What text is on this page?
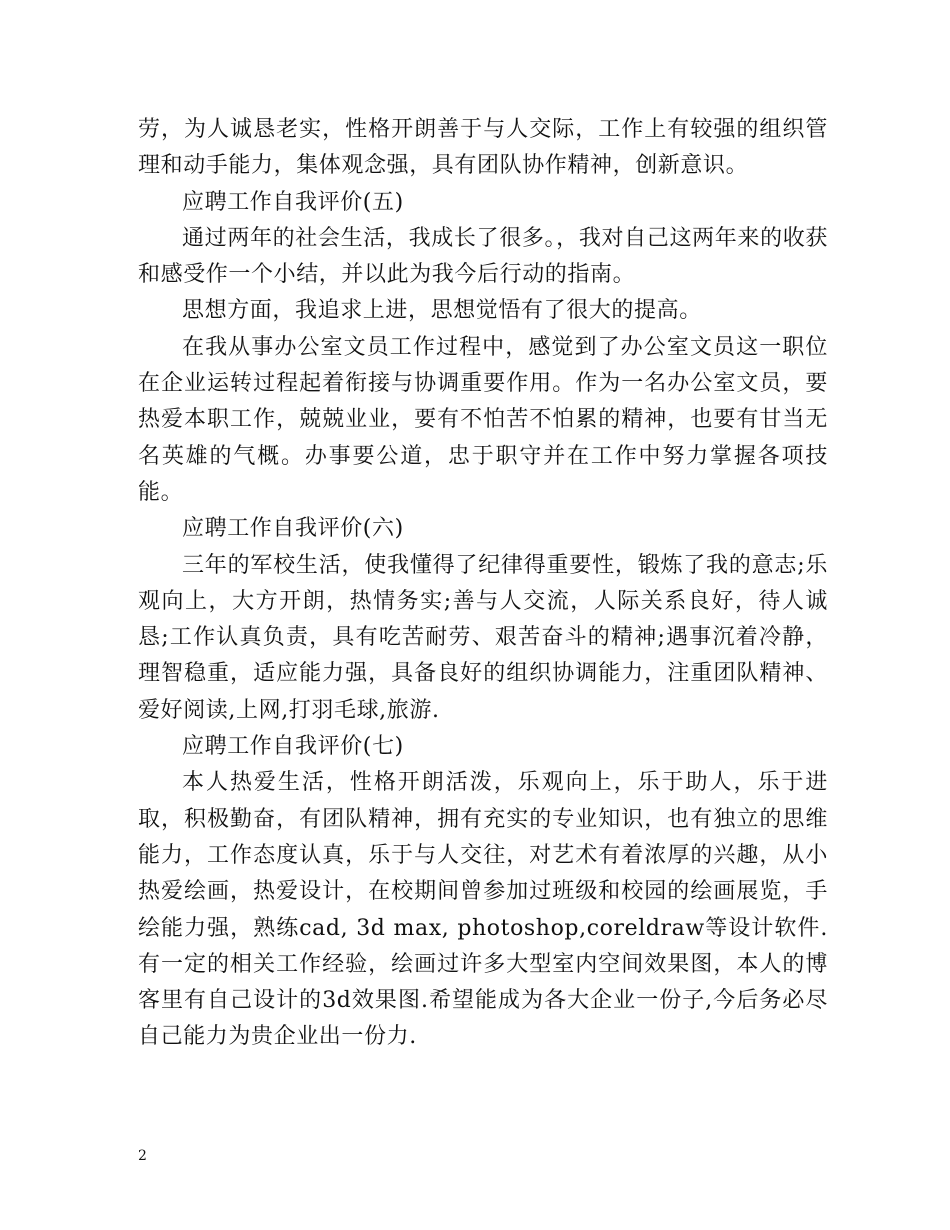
劳，为人诚恳老实，性格开朗善于与人交际，工作上有较强的组织管理和动手能力，集体观念强，具有团队协作精神，创新意识。

应聘工作自我评价(五)

通过两年的社会生活，我成长了很多。，我对自己这两年来的收获和感受作一个小结，并以此为我今后行动的指南。

思想方面，我追求上进，思想觉悟有了很大的提高。

在我从事办公室文员工作过程中，感觉到了办公室文员这一职位在企业运转过程起着衔接与协调重要作用。作为一名办公室文员，要热爱本职工作，兢兢业业，要有不怕苦不怕累的精神，也要有甘当无名英雄的气概。办事要公道，忠于职守并在工作中努力掌握各项技能。

应聘工作自我评价(六)

三年的军校生活，使我懂得了纪律得重要性，锻炼了我的意志;乐观向上，大方开朗，热情务实;善与人交流，人际关系良好，待人诚恳;工作认真负责，具有吃苦耐劳、艰苦奋斗的精神;遇事沉着冷静，理智稳重，适应能力强，具备良好的组织协调能力，注重团队精神、爱好阅读,上网,打羽毛球,旅游.

应聘工作自我评价(七)

本人热爱生活，性格开朗活泼，乐观向上，乐于助人，乐于进取，积极勤奋，有团队精神，拥有充实的专业知识，也有独立的思维能力，工作态度认真，乐于与人交往，对艺术有着浓厚的兴趣，从小热爱绘画，热爱设计，在校期间曾参加过班级和校园的绘画展览，手绘能力强，熟练cad, 3d max, photoshop,coreldraw等设计软件.有一定的相关工作经验，绘画过许多大型室内空间效果图，本人的博客里有自己设计的3d效果图.希望能成为各大企业一份子,今后务必尽自己能力为贵企业出一份力.

2
